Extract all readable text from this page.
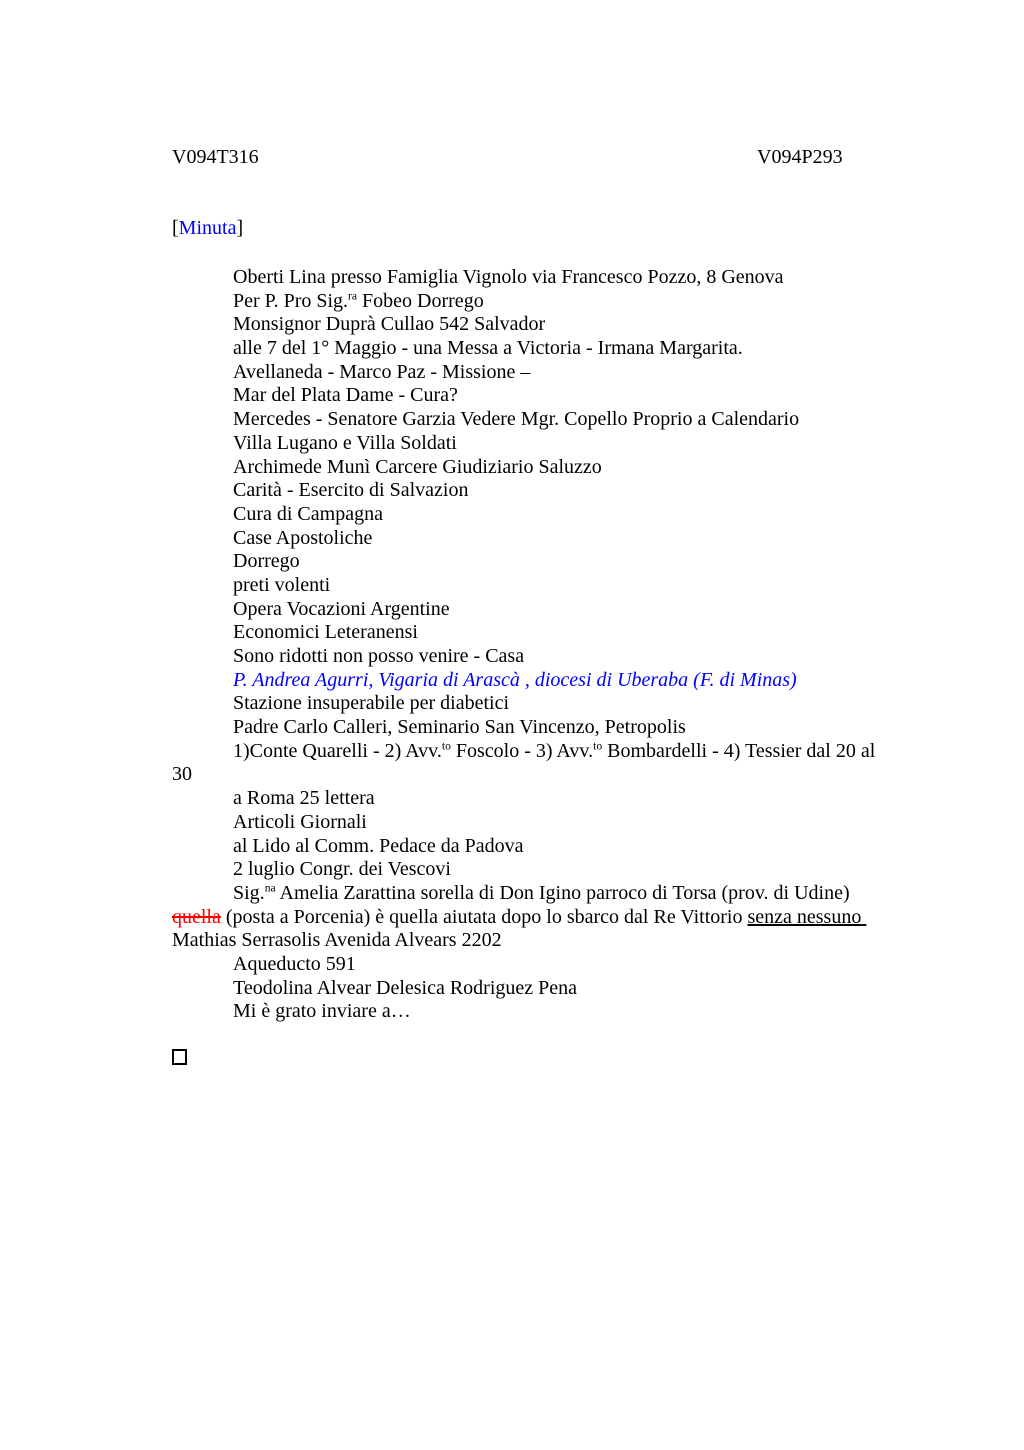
V094T316	V094P293
[Minuta]
Oberti Lina presso Famiglia Vignolo via Francesco Pozzo, 8 Genova
Per P. Pro Sig.$^{ra}$ Fobeo Dorrego
Monsignor Duprà Cullao 542 Salvador
alle 7 del 1° Maggio - una Messa a Victoria - Irmana Margarita.
Avellaneda - Marco Paz - Missione –
Mar del Plata Dame - Cura?
Mercedes - Senatore Garzia Vedere Mgr. Copello Proprio a Calendario
Villa Lugano e Villa Soldati
Archimede Munì Carcere Giudiziario Saluzzo
Carità - Esercito di Salvazion
Cura di Campagna
Case Apostoliche
Dorrego
preti volenti
Opera Vocazioni Argentine
Economici Leteranensi
Sono ridotti non posso venire - Casa
P. Andrea Agurri, Vigaria di Arascà , diocesi di Uberaba (F. di Minas)
Stazione insuperabile per diabetici
Padre Carlo Calleri, Seminario San Vincenzo, Petropolis
1)Conte Quarelli - 2) Avv.$^{to}$ Foscolo - 3) Avv.$^{to}$ Bombardelli - 4) Tessier dal 20 al
30
a Roma 25 lettera
Articoli Giornali
al Lido al Comm. Pedace da Padova
2 luglio Congr. dei Vescovi
Sig.$^{na}$ Amelia Zarattina sorella di Don Igino parroco di Torsa (prov. di Udine)
quella (posta a Porcenia) è quella aiutata dopo lo sbarco dal Re Vittorio senza nessuno
Mathias Serrasolis Avenida Alvears 2202
Aqueducto 591
Teodolina Alvear Delesica Rodriguez Pena
Mi è grato inviare a…
